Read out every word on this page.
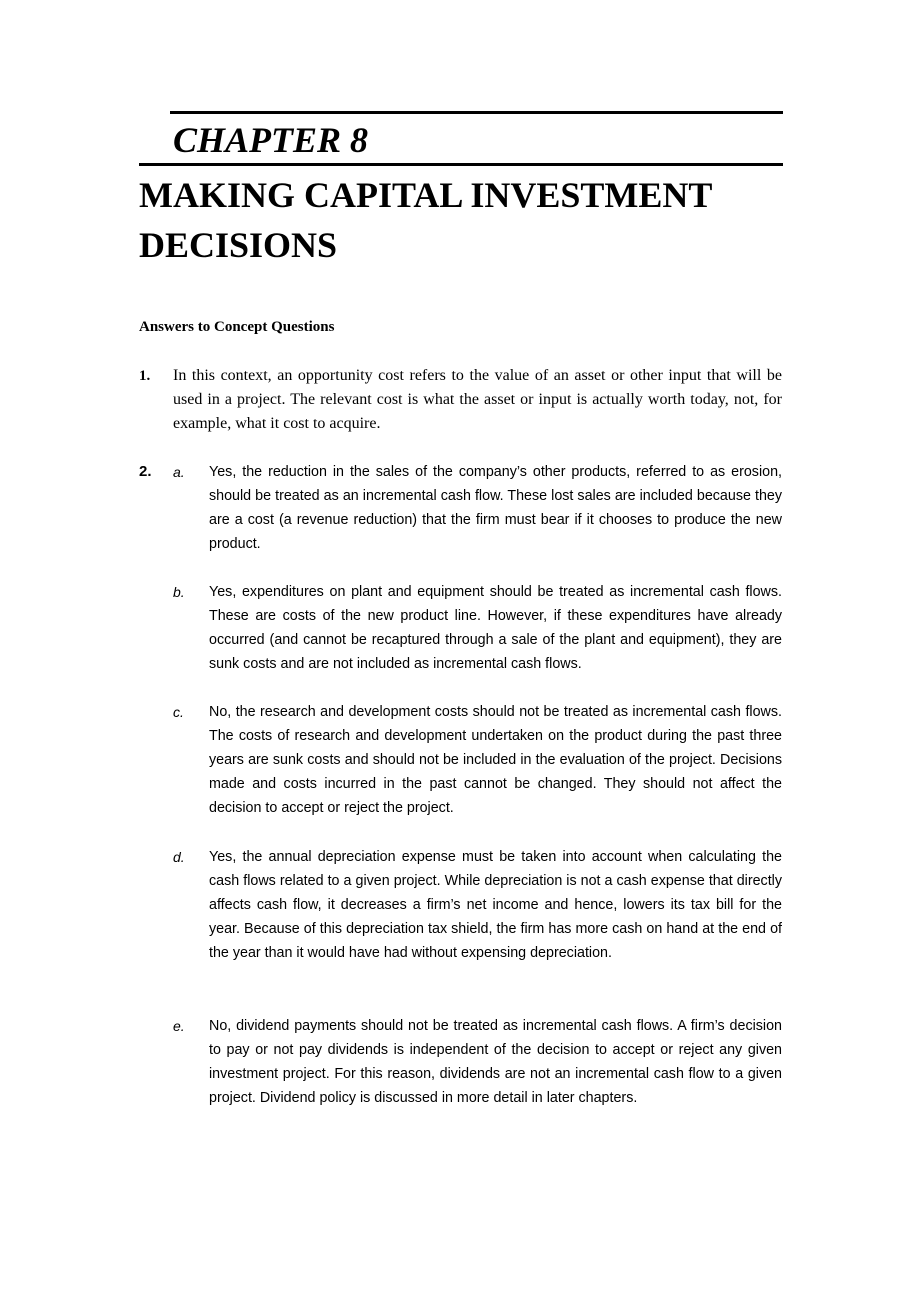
CHAPTER 8
MAKING CAPITAL INVESTMENT DECISIONS
Answers to Concept Questions
1. In this context, an opportunity cost refers to the value of an asset or other input that will be used in a project. The relevant cost is what the asset or input is actually worth today, not, for example, what it cost to acquire.

2. a. Yes, the reduction in the sales of the company’s other products, referred to as erosion, should be treated as an incremental cash flow. These lost sales are included because they are a cost (a revenue reduction) that the firm must bear if it chooses to produce the new product.

b. Yes, expenditures on plant and equipment should be treated as incremental cash flows. These are costs of the new product line. However, if these expenditures have already occurred (and cannot be recaptured through a sale of the plant and equipment), they are sunk costs and are not included as incremental cash flows.

c. No, the research and development costs should not be treated as incremental cash flows. The costs of research and development undertaken on the product during the past three years are sunk costs and should not be included in the evaluation of the project. Decisions made and costs incurred in the past cannot be changed. They should not affect the decision to accept or reject the project.

d. Yes, the annual depreciation expense must be taken into account when calculating the cash flows related to a given project. While depreciation is not a cash expense that directly affects cash flow, it decreases a firm’s net income and hence, lowers its tax bill for the year. Because of this depreciation tax shield, the firm has more cash on hand at the end of the year than it would have had without expensing depreciation.

e. No, dividend payments should not be treated as incremental cash flows. A firm’s decision to pay or not pay dividends is independent of the decision to accept or reject any given investment project. For this reason, dividends are not an incremental cash flow to a given project. Dividend policy is discussed in more detail in later chapters.
